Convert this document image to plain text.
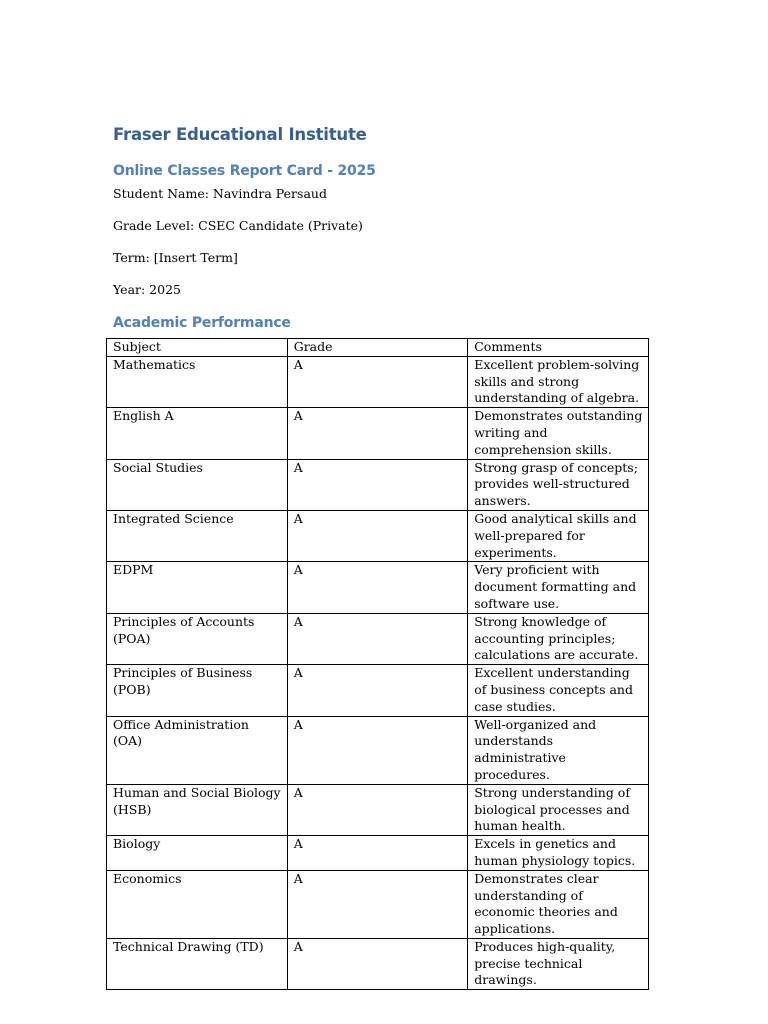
Fraser Educational Institute
Online Classes Report Card - 2025

Student Name: Navindra Persaud

Grade Level: CSEC Candidate (Private)

Term: [Insert Term]

Year: 2025

Academic Performance
Subject	Grade	Comments
Mathematics	A	Excellent problem-solving skills and strong understanding of algebra.
English A	A	Demonstrates outstanding writing and comprehension skills.
Social Studies	A	Strong grasp of concepts; provides well-structured answers.
Integrated Science	A	Good analytical skills and well-prepared for experiments.
EDPM	A	Very proficient with document formatting and software use.
Principles of Accounts (POA)	A	Strong knowledge of accounting principles; calculations are accurate.
Principles of Business (POB)	A	Excellent understanding of business concepts and case studies.
Office Administration (OA)	A	Well-organized and understands administrative procedures.
Human and Social Biology (HSB)	A	Strong understanding of biological processes and human health.
Biology	A	Excels in genetics and human physiology topics.
Economics	A	Demonstrates clear understanding of economic theories and applications.
Technical Drawing (TD)	A	Produces high-quality, precise technical drawings.
